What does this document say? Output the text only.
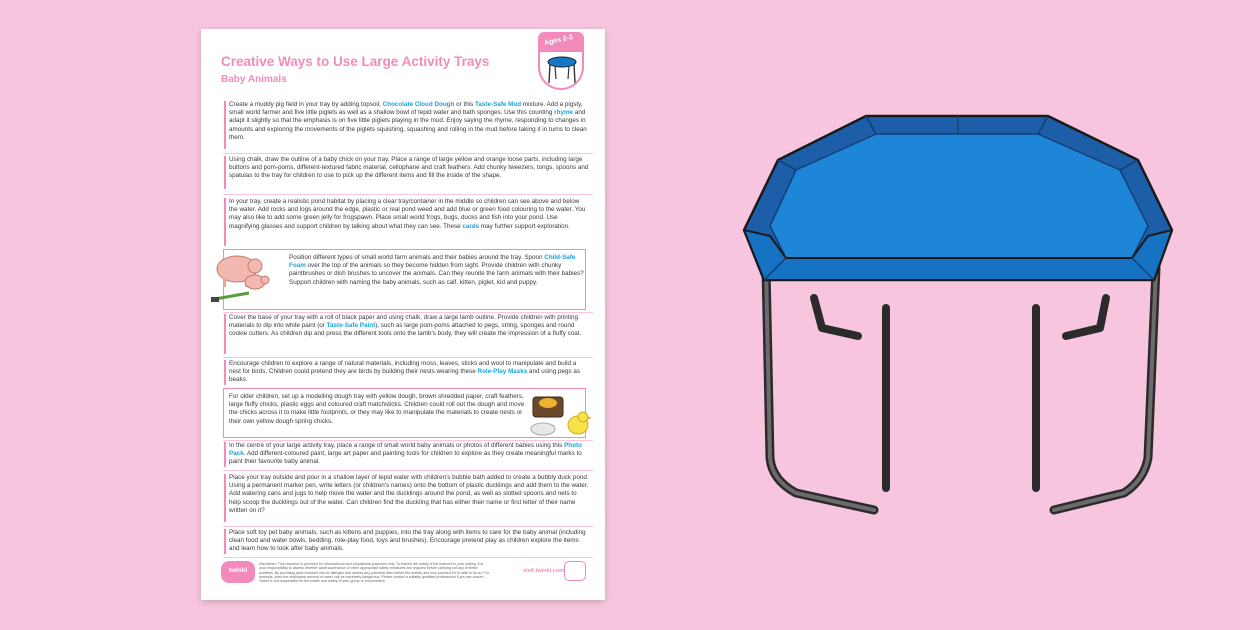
Creative Ways to Use Large Activity Trays
Baby Animals
Ages 2-3
Create a muddy pig field in your tray by adding topsoil, Chocolate Cloud Dough or this Taste-Safe Mud mixture. Add a pigsty, small world farmer and five little piglets as well as a shallow bowl of tepid water and bath sponges. Use this counting rhyme and adapt it slightly so that the emphasis is on five little piglets playing in the mud. Enjoy saying the rhyme, responding to changes in amounts and exploring the movements of the piglets squishing, squashing and rolling in the mud before taking it in turns to clean them.
Using chalk, draw the outline of a baby chick on your tray. Place a range of large yellow and orange loose parts, including large buttons and pom-poms, different-textured fabric material, cellophane and craft feathers. Add chunky tweezers, tongs, spoons and spatulas to the tray for children to use to pick up the different items and fill the inside of the shape.
In your tray, create a realistic pond habitat by placing a clear tray/container in the middle so children can see above and below the water. Add rocks and logs around the edge, plastic or real pond weed and add blue or green food colouring to the water. You may also like to add some green jelly for frogspawn. Place small world frogs, bugs, ducks and fish into your pond. Use magnifying glasses and support children by talking about what they can see. These cards may further support exploration.
Position different types of small world farm animals and their babies around the tray. Spoon Child-Safe Foam over the top of the animals so they become hidden from sight. Provide children with chunky paintbrushes or dish brushes to uncover the animals. Can they reunite the farm animals with their babies? Support children with naming the baby animals, such as calf, kitten, piglet, kid and puppy.
Cover the base of your tray with a roll of black paper and using chalk, draw a large lamb outline. Provide children with printing materials to dip into white paint (or Taste-Safe Paint), such as large pom-poms attached to pegs, string, sponges and round cookie cutters. As children dip and press the different tools onto the lamb's body, they will create the impression of a fluffy coat.
Encourage children to explore a range of natural materials, including moss, leaves, sticks and wool to manipulate and build a nest for birds. Children could pretend they are birds by building their nests wearing these Role-Play Masks and using pegs as beaks.
For older children, set up a modelling dough tray with yellow dough, brown shredded paper, craft feathers, large fluffy chicks, plastic eggs and coloured craft matchsticks. Children could roll out the dough and move the chicks across it to make little footprints, or they may like to manipulate the materials to create nests or their own yellow dough spring chicks.
In the centre of your large activity tray, place a range of small world baby animals or photos of different babies using this Photo Pack. Add different-coloured paint, large art paper and painting tools for children to explore as they create meaningful marks to paint their favourite baby animal.
Place your tray outside and pour in a shallow layer of tepid water with children's bubble bath added to create a bubbly duck pond. Using a permanent marker pen, write letters (or children's names) onto the bottom of plastic ducklings and add them to the water. Add watering cans and jugs to help move the water and the ducklings around the pond, as well as slotted spoons and nets to help scoop the ducklings out of the water. Can children find the duckling that has either their name or first letter of their name written on it?
Place soft toy pet baby animals, such as kittens and puppies, into the tray along with items to care for the baby animal (including clean food and water bowls, bedding, role-play food, toys and brushes). Encourage pretend play as children explore the items and learn how to look after baby animals.
twinkl
Disclaimer: This resource is provided for informational and educational purposes only. To ensure the safety of the learners in your setting, it is your responsibility to assess whether adult supervision or other appropriate safety measures are required before carrying out any of these activities. By providing adult-checked risk for allergies and assess any potential risks before the activity and only proceed if it is safe to do so. For example, even the shallowest amount of water can be extremely dangerous. Please contact a suitably qualified professional if you are unsure. Twinkl is not responsible for the health and safety of your group or environment.
visit twinkl.com
